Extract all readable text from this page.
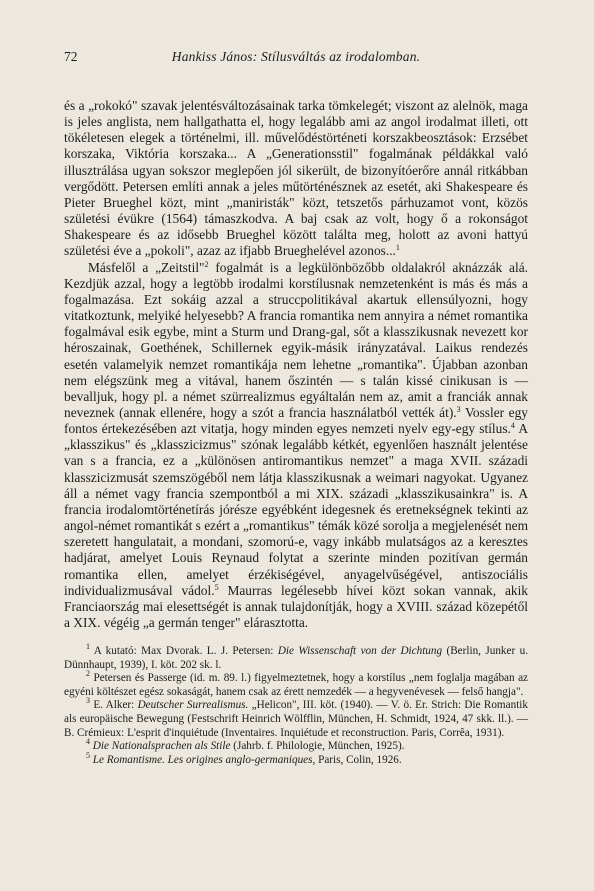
72	Hankiss János: Stílusváltás az irodalomban.

és a „rokokó" szavak jelentésváltozásainak tarka tömkelegét; viszont az alelnök, maga is jeles anglista, nem hallgathatta el, hogy legalább ami az angol irodalmat illeti, ott tökéletesen elegek a történelmi, ill. művelődéstörténeti korszakbeosztások: Erzsébet korszaka, Viktória korszaka... A „Generationsstil" fogalmának példákkal való illusztrálása ugyan sokszor meglepően jól sikerült, de bizonyítóerőre annál ritkábban vergődött. Petersen említi annak a jeles műtörténésznek az esetét, aki Shakespeare és Pieter Brueghel közt, mint „maniristák" közt, tetszetős párhuzamot vont, közös születési évükre (1564) támaszkodva. A baj csak az volt, hogy ő a rokonságot Shakespeare és az idősebb Brueghel között találta meg, holott az avoni hattyú születési éve a „pokoli", azaz az ifjabb Brueghelével azonos...$^1$

Másfelől a „Zeitstil"$^2$ fogalmát is a legkülönbözőbb oldalakról aknázzák alá. Kezdjük azzal, hogy a legtöbb irodalmi korstílusnak nemzetenként is más és más a fogalmazása. Ezt sokáig azzal a struccpolitikával akartuk ellensúlyozni, hogy vitatkoztunk, melyiké helyesebb? A francia romantika nem annyira a német romantika fogalmával esik egybe, mint a Sturm und Drang-gal, sőt a klasszikusnak nevezett kor héroszainak, Goethének, Schillernek egyik-másik irányzatával. Laikus rendezés esetén valamelyik nemzet romantikája nem lehetne „romantika". Újabban azonban nem elégszünk meg a vitával, hanem őszintén — s talán kissé cinikusan is — bevalljuk, hogy pl. a német szürrealizmus egyáltalán nem az, amit a franciák annak neveznek (annak ellenére, hogy a szót a francia használatból vették át).$^3$ Vossler egy fontos értekezésében azt vitatja, hogy minden egyes nemzeti nyelv egy-egy stílus.$^4$ A „klasszikus" és „klasszicizmus" szónak legalább kétkét, egyenlően használt jelentése van s a francia, ez a „különösen antiromantikus nemzet" a maga XVII. századi klasszicizmusát szemszögéből nem látja klasszikusnak a weimari nagyokat. Ugyanez áll a német vagy francia szempontból a mi XIX. századi „klasszikusainkra" is. A francia irodalomtörténetírás jórésze egyébként idegesnek és eretnekségnek tekinti az angol-német romantikát s ezért a „romantikus" témák közé sorolja a megjelenését nem szeretett hangulatait, a mondani, szomorú-e, vagy inkább mulatságos az a keresztes hadjárat, amelyet Louis Reynaud folytat a szerinte minden pozitívan germán romantika ellen, amelyet érzékiségével, anyagelvűségével, antiszociális individualizmusával vádol.$^5$ Maurras legélesebb hívei közt sokan vannak, akik Franciaország mai elesettségét is annak tulajdonítják, hogy a XVIII. század közepétől a XIX. végéig „a germán tenger" elárasztotta.

$^1$ A kutató: Max Dvorak. L. J. Petersen: Die Wissenschaft von der Dichtung (Berlin, Junker u. Dünnhaupt, 1939), I. köt. 202 sk. l.

$^2$ Petersen és Passerge (id. m. 89. l.) figyelmeztetnek, hogy a korstílus „nem foglalja magában az egyéni költészet egész sokaságát, hanem csak az érett nemzedék — a hegyvenévesek — felső hangja".

$^3$ E. Alker: Deutscher Surrealismus. „Helicon", III. köt. (1940). — V. ö. Er. Strich: Die Romantik als europäische Bewegung (Festschrift Heinrich Wölfflin, München, H. Schmidt, 1924, 47 skk. ll.). — B. Crémieux: L'esprit d'inquiétude (Inventaires. Inquiétude et reconstruction. Paris, Corrêa, 1931).

$^4$ Die Nationalsprachen als Stile (Jahrb. f. Philologie, München, 1925).

$^5$ Le Romantisme. Les origines anglo-germaniques, Paris, Colin, 1926.
